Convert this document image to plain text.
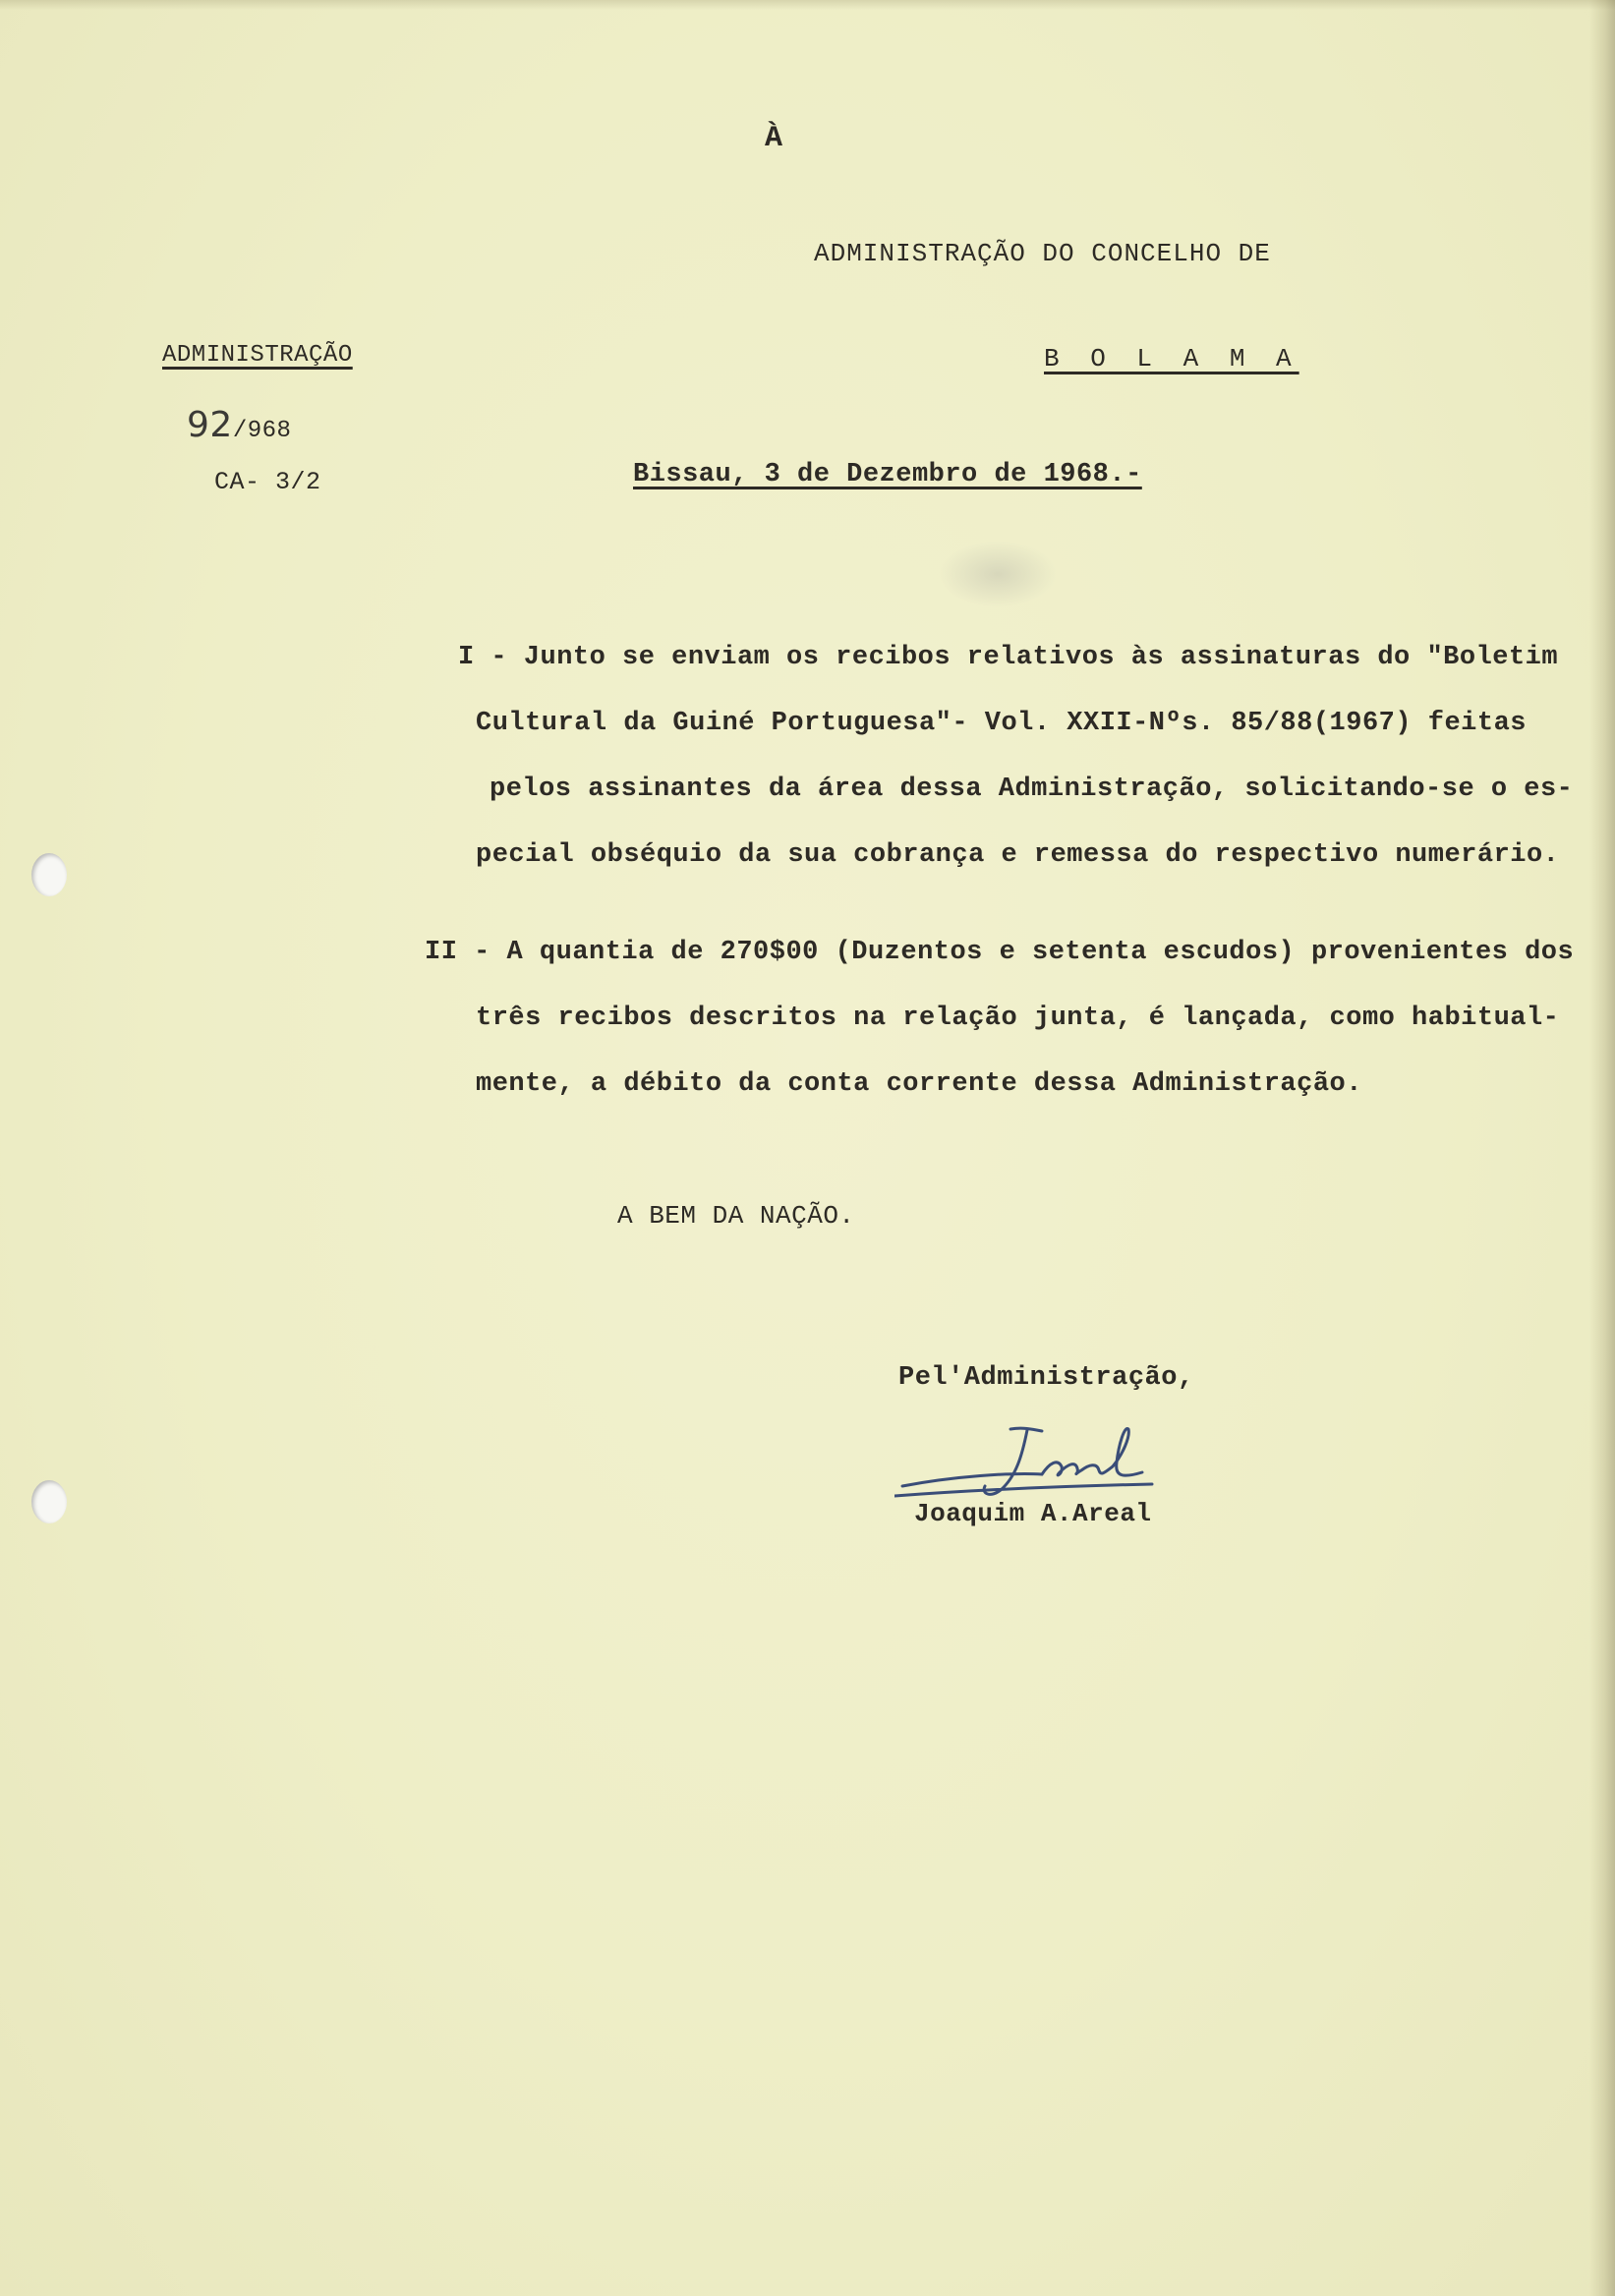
À
ADMINISTRAÇÃO DO CONCELHO DE
B O L A M A
ADMINISTRAÇÃO
92/968
CA- 3/2	Bissau, 3 de Dezembro de 1968.-
I - Junto se enviam os recibos relativos às assinaturas do "Boletim
Cultural da Guiné Portuguesa"- Vol. XXII-Nºs. 85/88(1967) feitas
pelos assinantes da área dessa Administração, solicitando-se o es-
pecial obséquio da sua cobrança e remessa do respectivo numerário.
II - A quantia de 270$00 (Duzentos e setenta escudos) provenientes dos
três recibos descritos na relação junta, é lançada, como habitual-
mente, a débito da conta corrente dessa Administração.
A BEM DA NAÇÃO.
Pel'Administração,
Joaquim A.Areal
